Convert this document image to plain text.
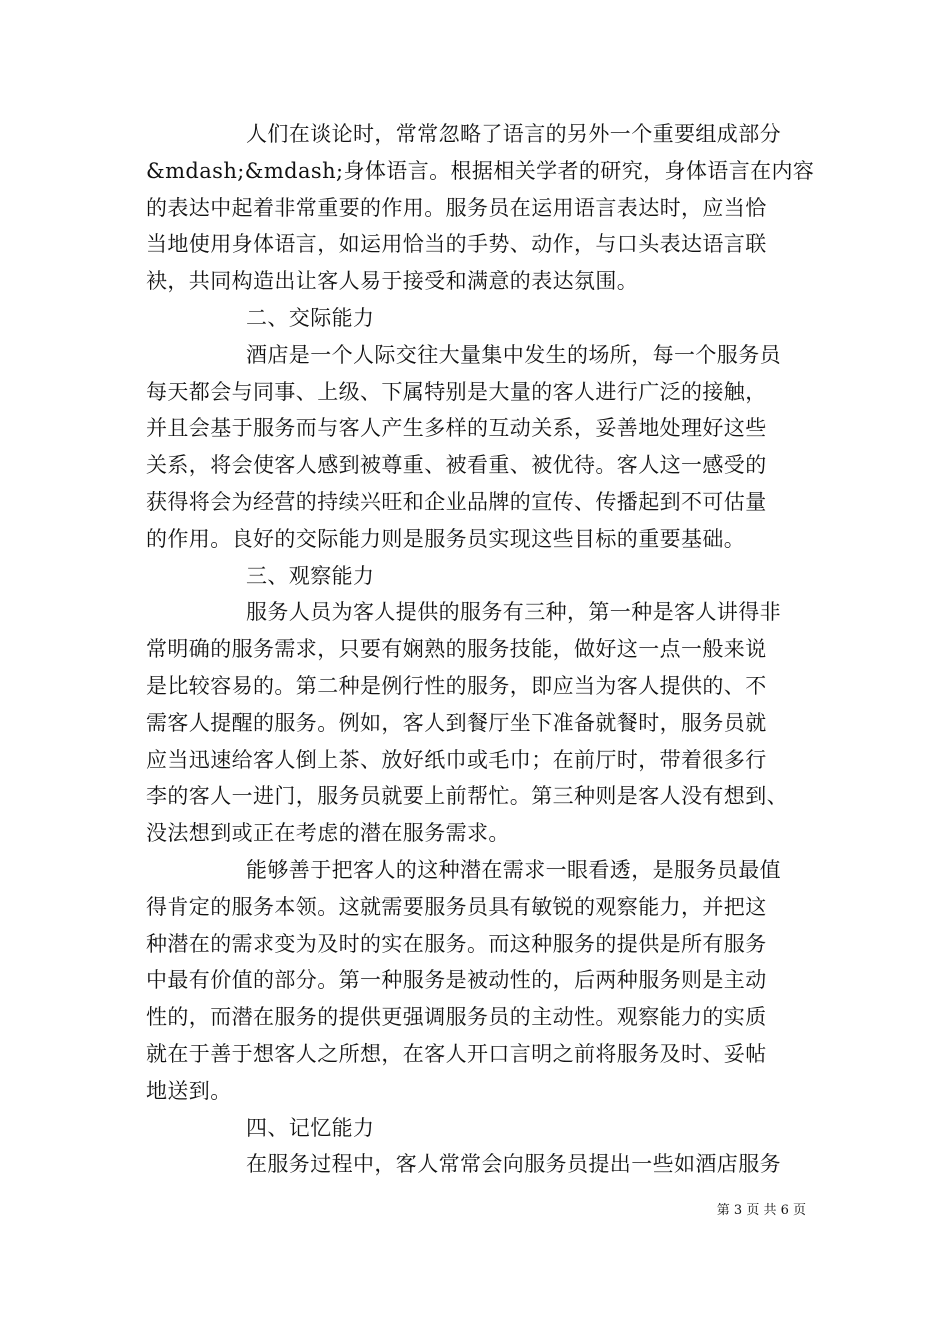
人们在谈论时，常常忽略了语言的另外一个重要组成部分
&mdash;&mdash;身体语言。根据相关学者的研究，身体语言在内容
的表达中起着非常重要的作用。服务员在运用语言表达时，应当恰
当地使用身体语言，如运用恰当的手势、动作，与口头表达语言联
袂，共同构造出让客人易于接受和满意的表达氛围。
二、交际能力
酒店是一个人际交往大量集中发生的场所，每一个服务员
每天都会与同事、上级、下属特别是大量的客人进行广泛的接触，
并且会基于服务而与客人产生多样的互动关系，妥善地处理好这些
关系，将会使客人感到被尊重、被看重、被优待。客人这一感受的
获得将会为经营的持续兴旺和企业品牌的宣传、传播起到不可估量
的作用。良好的交际能力则是服务员实现这些目标的重要基础。
三、观察能力
服务人员为客人提供的服务有三种，第一种是客人讲得非
常明确的服务需求，只要有娴熟的服务技能，做好这一点一般来说
是比较容易的。第二种是例行性的服务，即应当为客人提供的、不
需客人提醒的服务。例如，客人到餐厅坐下准备就餐时，服务员就
应当迅速给客人倒上茶、放好纸巾或毛巾；在前厅时，带着很多行
李的客人一进门，服务员就要上前帮忙。第三种则是客人没有想到、
没法想到或正在考虑的潜在服务需求。
能够善于把客人的这种潜在需求一眼看透，是服务员最值
得肯定的服务本领。这就需要服务员具有敏锐的观察能力，并把这
种潜在的需求变为及时的实在服务。而这种服务的提供是所有服务
中最有价值的部分。第一种服务是被动性的，后两种服务则是主动
性的，而潜在服务的提供更强调服务员的主动性。观察能力的实质
就在于善于想客人之所想，在客人开口言明之前将服务及时、妥帖
地送到。
四、记忆能力
在服务过程中，客人常常会向服务员提出一些如酒店服务
第 3 页 共 6 页
